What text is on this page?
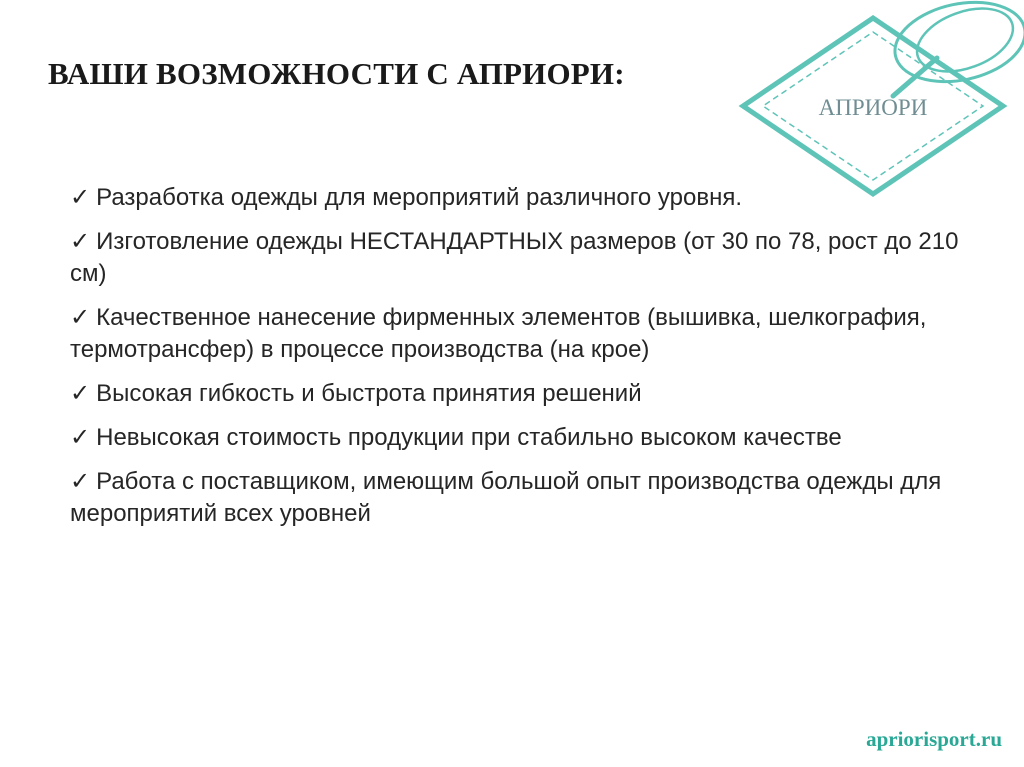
ВАШИ ВОЗМОЖНОСТИ С АПРИОРИ:
АПРИОРИ
✓ Разработка одежды для мероприятий различного уровня.
✓ Изготовление одежды НЕСТАНДАРТНЫХ размеров (от 30 по 78, рост до 210 см)
✓ Качественное нанесение фирменных элементов (вышивка, шелкография, термотрансфер) в процессе производства (на крое)
✓ Высокая гибкость и быстрота принятия решений
✓ Невысокая стоимость продукции при стабильно высоком качестве
✓ Работа с поставщиком, имеющим большой опыт производства одежды для мероприятий всех уровней
apriorisport.ru
